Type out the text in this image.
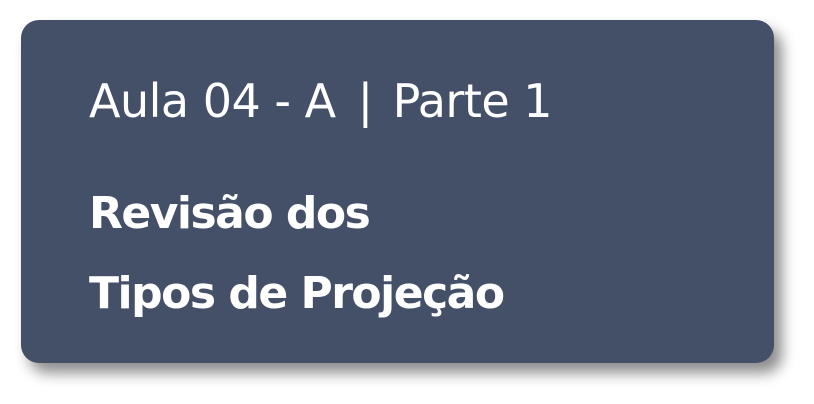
Aula 04 - A | Parte 1
Revisão dos
Tipos de Projeção
